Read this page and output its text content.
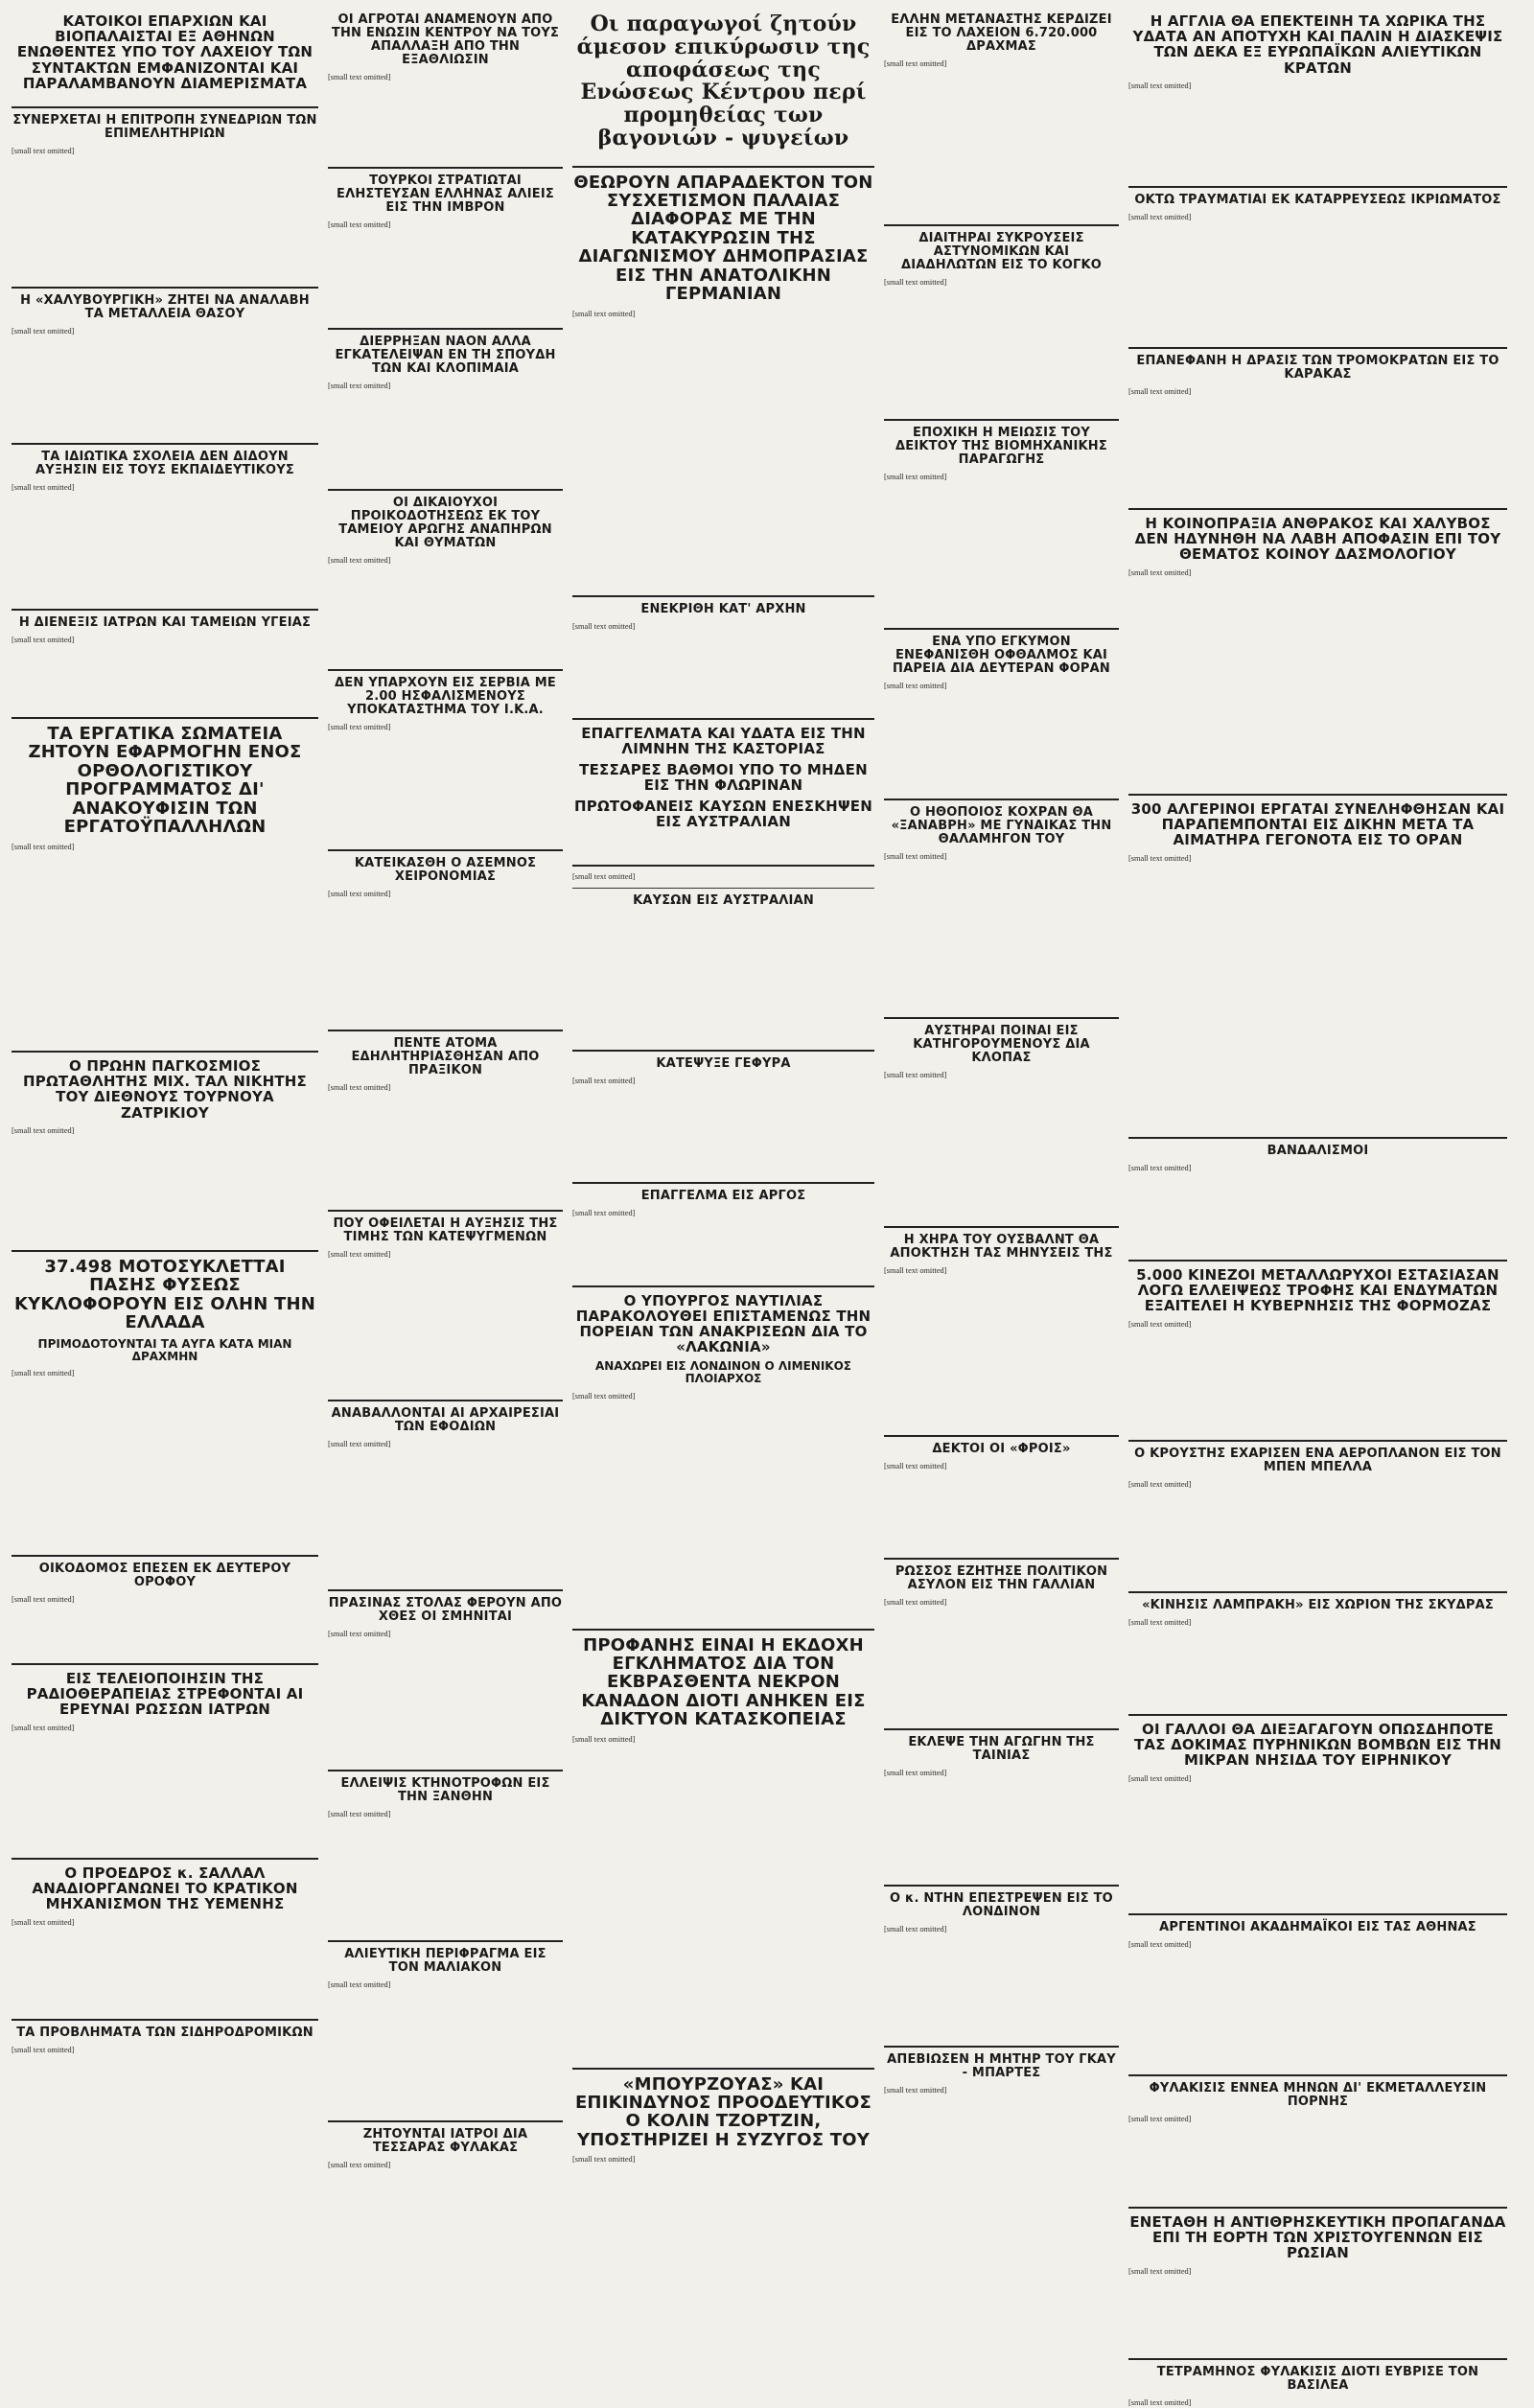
ΚΑΤΟΙΚΟΙ ΕΠΑΡΧΙΩΝ ΚΑΙ ΒΙΟΠΑΛΑΙΣΤΑΙ ΕΞ ΑΘΗΝΩΝ ΕΝΩΘΕΝΤΕΣ ΥΠΟ ΤΟΥ ΛΑΧΕΙΟΥ ΤΩΝ ΣΥΝΤΑΚΤΩΝ ΕΜΦΑΝΙΖΟΝΤΑΙ ΚΑΙ ΠΑΡΑΛΑΜΒΑΝΟΥΝ ΔΙΑΜΕΡΙΣΜΑΤΑ
ΣΥΝΕΡΧΕΤΑΙ Η ΕΠΙΤΡΟΠΗ ΣΥΝΕΔΡΙΩΝ ΤΩΝ ΕΠΙΜΕΛΗΤΗΡΙΩΝ

[small text omitted]

Η «ΧΑΛΥΒΟΥΡΓΙΚΗ» ΖΗΤΕΙ ΝΑ ΑΝΑΛΑΒΗ ΤΑ ΜΕΤΑΛΛΕΙΑ ΘΑΣΟΥ

[small text omitted]

ΤΑ ΙΔΙΩΤΙΚΑ ΣΧΟΛΕΙΑ ΔΕΝ ΔΙΔΟΥΝ ΑΥΞΗΣΙΝ ΕΙΣ ΤΟΥΣ ΕΚΠΑΙΔΕΥΤΙΚΟΥΣ

[small text omitted]

Η ΔΙΕΝΕΞΙΣ ΙΑΤΡΩΝ ΚΑΙ ΤΑΜΕΙΩΝ ΥΓΕΙΑΣ

[small text omitted]

ΤΑ ΕΡΓΑΤΙΚΑ ΣΩΜΑΤΕΙΑ ΖΗΤΟΥΝ ΕΦΑΡΜΟΓΗΝ ΕΝΟΣ ΟΡΘΟΛΟΓΙΣΤΙΚΟΥ ΠΡΟΓΡΑΜΜΑΤΟΣ ΔΙ' ΑΝΑΚΟΥΦΙΣΙΝ ΤΩΝ ΕΡΓΑΤΟΫΠΑΛΛΗΛΩΝ

[small text omitted]

Ο ΠΡΩΗΝ ΠΑΓΚΟΣΜΙΟΣ ΠΡΩΤΑΘΛΗΤΗΣ ΜΙΧ. ΤΑΛ ΝΙΚΗΤΗΣ ΤΟΥ ΔΙΕΘΝΟΥΣ ΤΟΥΡΝΟΥΑ ΖΑΤΡΙΚΙΟΥ

[small text omitted]

37.498 ΜΟΤΟΣΥΚΛΕΤΤΑΙ ΠΑΣΗΣ ΦΥΣΕΩΣ ΚΥΚΛΟΦΟΡΟΥΝ ΕΙΣ ΟΛΗΝ ΤΗΝ ΕΛΛΑΔΑ
ΠΡΙΜΟΔΟΤΟΥΝΤΑΙ ΤΑ ΑΥΓΑ ΚΑΤΑ ΜΙΑΝ ΔΡΑΧΜΗΝ

[small text omitted]

ΟΙΚΟΔΟΜΟΣ ΕΠΕΣΕΝ ΕΚ ΔΕΥΤΕΡΟΥ ΟΡΟΦΟΥ

[small text omitted]

ΕΙΣ ΤΕΛΕΙΟΠΟΙΗΣΙΝ ΤΗΣ ΡΑΔΙΟΘΕΡΑΠΕΙΑΣ ΣΤΡΕΦΟΝΤΑΙ ΑΙ ΕΡΕΥΝΑΙ ΡΩΣΣΩΝ ΙΑΤΡΩΝ

[small text omitted]

Ο ΠΡΟΕΔΡΟΣ κ. ΣΑΛΛΑΛ ΑΝΑΔΙΟΡΓΑΝΩΝΕΙ ΤΟ ΚΡΑΤΙΚΟΝ ΜΗΧΑΝΙΣΜΟΝ ΤΗΣ ΥΕΜΕΝΗΣ

[small text omitted]

ΤΑ ΠΡΟΒΛΗΜΑΤΑ ΤΩΝ ΣΙΔΗΡΟΔΡΟΜΙΚΩΝ

[small text omitted]

ΟΙ ΑΓΡΟΤΑΙ ΑΝΑΜΕΝΟΥΝ ΑΠΟ ΤΗΝ ΕΝΩΣΙΝ ΚΕΝΤΡΟΥ ΝΑ ΤΟΥΣ ΑΠΑΛΛΑΞΗ ΑΠΟ ΤΗΝ ΕΞΑΘΛΙΩΣΙΝ

[small text omitted]

ΤΟΥΡΚΟΙ ΣΤΡΑΤΙΩΤΑΙ ΕΛΗΣΤΕΥΣΑΝ ΕΛΛΗΝΑΣ ΑΛΙΕΙΣ ΕΙΣ ΤΗΝ ΙΜΒΡΟΝ

[small text omitted]

ΔΙΕΡΡΗΞΑΝ ΝΑΟΝ ΑΛΛΑ ΕΓΚΑΤΕΛΕΙΨΑΝ ΕΝ ΤΗ ΣΠΟΥΔΗ ΤΩΝ ΚΑΙ ΚΛΟΠΙΜΑΙΑ

[small text omitted]

ΟΙ ΔΙΚΑΙΟΥΧΟΙ ΠΡΟΙΚΟΔΟΤΗΣΕΩΣ ΕΚ ΤΟΥ ΤΑΜΕΙΟΥ ΑΡΩΓΗΣ ΑΝΑΠΗΡΩΝ ΚΑΙ ΘΥΜΑΤΩΝ

[small text omitted]

ΔΕΝ ΥΠΑΡΧΟΥΝ ΕΙΣ ΣΕΡΒΙΑ ΜΕ 2.00 ΗΣΦΑΛΙΣΜΕΝΟΥΣ ΥΠΟΚΑΤΑΣΤΗΜΑ ΤΟΥ Ι.Κ.Α.

[small text omitted]

ΚΑΤΕΙΚΑΣΘΗ Ο ΑΣΕΜΝΟΣ ΧΕΙΡΟΝΟΜΙΑΣ

[small text omitted]

ΠΕΝΤΕ ΑΤΟΜΑ ΕΔΗΛΗΤΗΡΙΑΣΘΗΣΑΝ ΑΠΟ ΠΡΑΞΙΚΟΝ

[small text omitted]

ΠΟΥ ΟΦΕΙΛΕΤΑΙ Η ΑΥΞΗΣΙΣ ΤΗΣ ΤΙΜΗΣ ΤΩΝ ΚΑΤΕΨΥΓΜΕΝΩΝ

[small text omitted]

ΑΝΑΒΑΛΛΟΝΤΑΙ ΑΙ ΑΡΧΑΙΡΕΣΙΑΙ ΤΩΝ ΕΦΟΔΙΩΝ

[small text omitted]

ΠΡΑΣΙΝΑΣ ΣΤΟΛΑΣ ΦΕΡΟΥΝ ΑΠΟ ΧΘΕΣ ΟΙ ΣΜΗΝΙΤΑΙ

[small text omitted]

ΕΛΛΕΙΨΙΣ ΚΤΗΝΟΤΡΟΦΩΝ ΕΙΣ ΤΗΝ ΞΑΝΘΗΝ

[small text omitted]

ΑΛΙΕΥΤΙΚΗ ΠΕΡΙΦΡΑΓΜΑ ΕΙΣ ΤΟΝ ΜΑΛΙΑΚΟΝ

[small text omitted]

ΖΗΤΟΥΝΤΑΙ ΙΑΤΡΟΙ ΔΙΑ ΤΕΣΣΑΡΑΣ ΦΥΛΑΚΑΣ

[small text omitted]

Οι παραγωγοί ζητούν άμεσον επικύρωσιν της αποφάσεως της Ενώσεως Κέντρου περί προμηθείας των βαγονιών - ψυγείων
ΘΕΩΡΟΥΝ ΑΠΑΡΑΔΕΚΤΟΝ ΤΟΝ ΣΥΣΧΕΤΙΣΜΟΝ ΠΑΛΑΙΑΣ ΔΙΑΦΟΡΑΣ ΜΕ ΤΗΝ ΚΑΤΑΚΥΡΩΣΙΝ ΤΗΣ ΔΙΑΓΩΝΙΣΜΟΥ ΔΗΜΟΠΡΑΣΙΑΣ ΕΙΣ ΤΗΝ ΑΝΑΤΟΛΙΚΗΝ ΓΕΡΜΑΝΙΑΝ

[small text omitted]

ΕΝΕΚΡΙΘΗ ΚΑΤ' ΑΡΧΗΝ

[small text omitted]

ΕΠΑΓΓΕΛΜΑΤΑ ΚΑΙ ΥΔΑΤΑ ΕΙΣ ΤΗΝ ΛΙΜΝΗΝ ΤΗΣ ΚΑΣΤΟΡΙΑΣ
ΤΕΣΣΑΡΕΣ ΒΑΘΜΟΙ ΥΠΟ ΤΟ ΜΗΔΕΝ ΕΙΣ ΤΗΝ ΦΛΩΡΙΝΑΝ
ΠΡΩΤΟΦΑΝΕΙΣ ΚΑΥΣΩΝ ΕΝΕΣΚΗΨΕΝ ΕΙΣ ΑΥΣΤΡΑΛΙΑΝ

[small text omitted]

ΚΑΥΣΩΝ ΕΙΣ ΑΥΣΤΡΑΛΙΑΝ
ΚΑΤΕΨΥΞΕ ΓΕΦΥΡΑ

[small text omitted]

ΕΠΑΓΓΕΛΜΑ ΕΙΣ ΑΡΓΟΣ

[small text omitted]

Ο ΥΠΟΥΡΓΟΣ ΝΑΥΤΙΛΙΑΣ ΠΑΡΑΚΟΛΟΥΘΕΙ ΕΠΙΣΤΑΜΕΝΩΣ ΤΗΝ ΠΟΡΕΙΑΝ ΤΩΝ ΑΝΑΚΡΙΣΕΩΝ ΔΙΑ ΤΟ «ΛΑΚΩΝΙΑ»
ΑΝΑΧΩΡΕΙ ΕΙΣ ΛΟΝΔΙΝΟΝ Ο ΛΙΜΕΝΙΚΟΣ ΠΛΟΙΑΡΧΟΣ

[small text omitted]

ΠΡΟΦΑΝΗΣ ΕΙΝΑΙ Η ΕΚΔΟΧΗ ΕΓΚΛΗΜΑΤΟΣ ΔΙΑ ΤΟΝ ΕΚΒΡΑΣΘΕΝΤΑ ΝΕΚΡΟΝ ΚΑΝΑΔΟΝ ΔΙΟΤΙ ΑΝΗΚΕΝ ΕΙΣ ΔΙΚΤΥΟΝ ΚΑΤΑΣΚΟΠΕΙΑΣ

[small text omitted]

«ΜΠΟΥΡΖΟΥΑΣ» ΚΑΙ ΕΠΙΚΙΝΔΥΝΟΣ ΠΡΟΟΔΕΥΤΙΚΟΣ Ο ΚΟΛΙΝ ΤΖΟΡΤΖΙΝ, ΥΠΟΣΤΗΡΙΖΕΙ Η ΣΥΖΥΓΟΣ ΤΟΥ

[small text omitted]

ΕΛΛΗΝ ΜΕΤΑΝΑΣΤΗΣ ΚΕΡΔΙΖΕΙ ΕΙΣ ΤΟ ΛΑΧΕΙΟΝ 6.720.000 ΔΡΑΧΜΑΣ

[small text omitted]

ΔΙΑΙΤΗΡΑΙ ΣΥΚΡΟΥΣΕΙΣ ΑΣΤΥΝΟΜΙΚΩΝ ΚΑΙ ΔΙΑΔΗΛΩΤΩΝ ΕΙΣ ΤΟ ΚΟΓΚΟ

[small text omitted]

ΕΠΟΧΙΚΗ Η ΜΕΙΩΣΙΣ ΤΟΥ ΔΕΙΚΤΟΥ ΤΗΣ ΒΙΟΜΗΧΑΝΙΚΗΣ ΠΑΡΑΓΩΓΗΣ

[small text omitted]

ΕΝΑ ΥΠΟ ΕΓΚΥΜΟΝ ΕΝΕΦΑΝΙΣΘΗ ΟΦΘΑΛΜΟΣ ΚΑΙ ΠΑΡΕΙΑ ΔΙΑ ΔΕΥΤΕΡΑΝ ΦΟΡΑΝ

[small text omitted]

Ο ΗΘΟΠΟΙΟΣ ΚΟΧΡΑΝ ΘΑ «ΞΑΝΑΒΡΗ» ΜΕ ΓΥΝΑΙΚΑΣ ΤΗΝ ΘΑΛΑΜΗΓΟΝ ΤΟΥ

[small text omitted]

ΑΥΣΤΗΡΑΙ ΠΟΙΝΑΙ ΕΙΣ ΚΑΤΗΓΟΡΟΥΜΕΝΟΥΣ ΔΙΑ ΚΛΟΠΑΣ

[small text omitted]

Η ΧΗΡΑ ΤΟΥ ΟΥΣΒΑΛΝΤ ΘΑ ΑΠΟΚΤΗΣΗ ΤΑΣ ΜΗΝΥΣΕΙΣ ΤΗΣ

[small text omitted]

ΔΕΚΤΟΙ ΟΙ «ΦΡΟΙΣ»

[small text omitted]

ΡΩΣΣΟΣ ΕΖΗΤΗΣΕ ΠΟΛΙΤΙΚΟΝ ΑΣΥΛΟΝ ΕΙΣ ΤΗΝ ΓΑΛΛΙΑΝ

[small text omitted]

ΕΚΛΕΨΕ ΤΗΝ ΑΓΩΓΗΝ ΤΗΣ ΤΑΙΝΙΑΣ

[small text omitted]

Ο κ. ΝΤΗΝ ΕΠΕΣΤΡΕΨΕΝ ΕΙΣ ΤΟ ΛΟΝΔΙΝΟΝ

[small text omitted]

ΑΠΕΒΙΩΣΕΝ Η ΜΗΤΗΡ ΤΟΥ ΓΚΑΥ - ΜΠΑΡΤΕΣ

[small text omitted]

Η ΑΓΓΛΙΑ ΘΑ ΕΠΕΚΤΕΙΝΗ ΤΑ ΧΩΡΙΚΑ ΤΗΣ ΥΔΑΤΑ ΑΝ ΑΠΟΤΥΧΗ ΚΑΙ ΠΑΛΙΝ Η ΔΙΑΣΚΕΨΙΣ ΤΩΝ ΔΕΚΑ ΕΞ ΕΥΡΩΠΑΪΚΩΝ ΑΛΙΕΥΤΙΚΩΝ ΚΡΑΤΩΝ

[small text omitted]

ΟΚΤΩ ΤΡΑΥΜΑΤΙΑΙ ΕΚ ΚΑΤΑΡΡΕΥΣΕΩΣ ΙΚΡΙΩΜΑΤΟΣ

[small text omitted]

ΕΠΑΝΕΦΑΝΗ Η ΔΡΑΣΙΣ ΤΩΝ ΤΡΟΜΟΚΡΑΤΩΝ ΕΙΣ ΤΟ ΚΑΡΑΚΑΣ

[small text omitted]

Η ΚΟΙΝΟΠΡΑΞΙΑ ΑΝΘΡΑΚΟΣ ΚΑΙ ΧΑΛΥΒΟΣ ΔΕΝ ΗΔΥΝΗΘΗ ΝΑ ΛΑΒΗ ΑΠΟΦΑΣΙΝ ΕΠΙ ΤΟΥ ΘΕΜΑΤΟΣ ΚΟΙΝΟΥ ΔΑΣΜΟΛΟΓΙΟΥ

[small text omitted]

300 ΑΛΓΕΡΙΝΟΙ ΕΡΓΑΤΑΙ ΣΥΝΕΛΗΦΘΗΣΑΝ ΚΑΙ ΠΑΡΑΠΕΜΠΟΝΤΑΙ ΕΙΣ ΔΙΚΗΝ ΜΕΤΑ ΤΑ ΑΙΜΑΤΗΡΑ ΓΕΓΟΝΟΤΑ ΕΙΣ ΤΟ ΟΡΑΝ

[small text omitted]

ΒΑΝΔΑΛΙΣΜΟΙ

[small text omitted]

5.000 ΚΙΝΕΖΟΙ ΜΕΤΑΛΛΩΡΥΧΟΙ ΕΣΤΑΣΙΑΣΑΝ ΛΟΓΩ ΕΛΛΕΙΨΕΩΣ ΤΡΟΦΗΣ ΚΑΙ ΕΝΔΥΜΑΤΩΝ ΕΞΑΙΤΕΛΕΙ Η ΚΥΒΕΡΝΗΣΙΣ ΤΗΣ ΦΟΡΜΟΖΑΣ

[small text omitted]

Ο ΚΡΟΥΣΤΗΣ ΕΧΑΡΙΣΕΝ ΕΝΑ ΑΕΡΟΠΛΑΝΟΝ ΕΙΣ ΤΟΝ ΜΠΕΝ ΜΠΕΛΛΑ

[small text omitted]

«ΚΙΝΗΣΙΣ ΛΑΜΠΡΑΚΗ» ΕΙΣ ΧΩΡΙΟΝ ΤΗΣ ΣΚΥΔΡΑΣ

[small text omitted]

ΟΙ ΓΑΛΛΟΙ ΘΑ ΔΙΕΞΑΓΑΓΟΥΝ ΟΠΩΣΔΗΠΟΤΕ ΤΑΣ ΔΟΚΙΜΑΣ ΠΥΡΗΝΙΚΩΝ ΒΟΜΒΩΝ ΕΙΣ ΤΗΝ ΜΙΚΡΑΝ ΝΗΣΙΔΑ ΤΟΥ ΕΙΡΗΝΙΚΟΥ

[small text omitted]

ΑΡΓΕΝΤΙΝΟΙ ΑΚΑΔΗΜΑΪΚΟΙ ΕΙΣ ΤΑΣ ΑΘΗΝΑΣ

[small text omitted]

ΦΥΛΑΚΙΣΙΣ ΕΝΝΕΑ ΜΗΝΩΝ ΔΙ' ΕΚΜΕΤΑΛΛΕΥΣΙΝ ΠΟΡΝΗΣ

[small text omitted]

ΕΝΕΤΑΘΗ Η ΑΝΤΙΘΡΗΣΚΕΥΤΙΚΗ ΠΡΟΠΑΓΑΝΔΑ ΕΠΙ ΤΗ ΕΟΡΤΗ ΤΩΝ ΧΡΙΣΤΟΥΓΕΝΝΩΝ ΕΙΣ ΡΩΣΙΑΝ

[small text omitted]

ΤΕΤΡΑΜΗΝΟΣ ΦΥΛΑΚΙΣΙΣ ΔΙΟΤΙ ΕΥΒΡΙΣΕ ΤΟΝ ΒΑΣΙΛΕΑ

[small text omitted]
